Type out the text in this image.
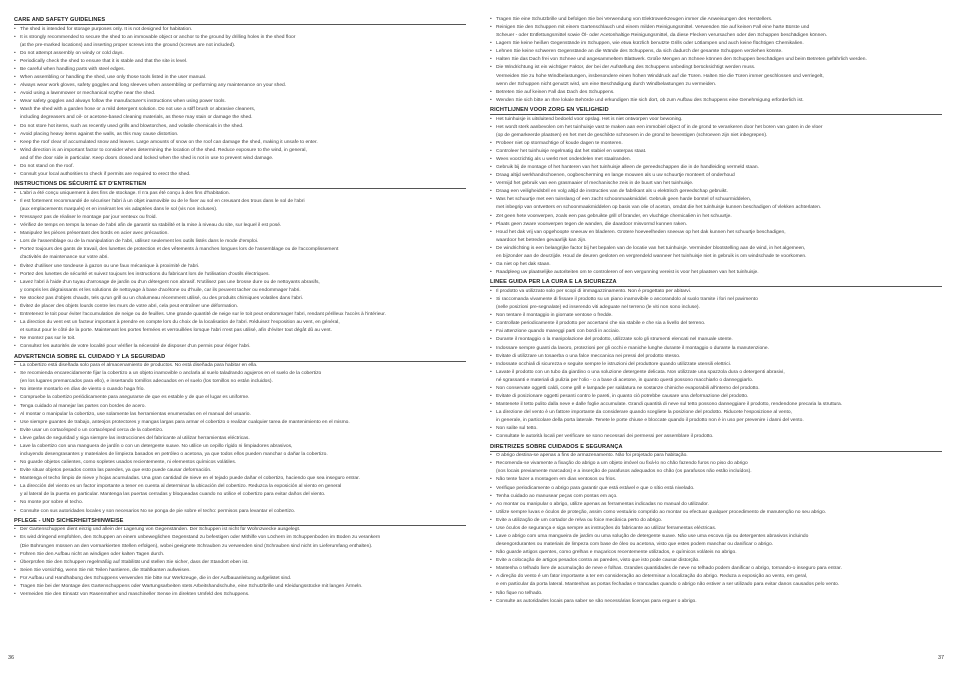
CARE AND SAFETY GUIDELINES
• The shed is intended for storage purposes only. It is not designed for habitation.
• It is strongly recommended to secure the shed to an immovable object or anchor to the ground by drilling holes in the shed floor
(at the pre-marked locations) and inserting proper screws into the ground (screws are not included).
• Do not attempt assembly on windy or cold days.
• Periodically check the shed to ensure that it is stable and that the site is level.
• Be careful when handling parts with steel edges.
• When assembling or handling the shed, use only those tools listed in the user manual.
• Always wear work gloves, safety goggles and long sleeves when assembling or performing any maintenance on your shed.
• Avoid using a lawnmower or mechanical scythe near the shed.
• Wear safety goggles and always follow the manufacturer's instructions when using power tools.
• Wash the shed with a garden hose or a mild detergent solution. Do not use a stiff brush or abrasive cleaners,
including degreasers and oil- or acetone-based cleaning materials, as these may stain or damage the shed.
• Do not store hot items, such as recently used grills and blowtorches, and volatile chemicals in the shed.
• Avoid placing heavy items against the walls, as this may cause distortion.
• Keep the roof clear of accumulated snow and leaves. Large amounts of snow on the roof can damage the shed, making it unsafe to enter.
• Wind direction is an important factor to consider when determining the location of the shed. Reduce exposure to the wind, in general,
and of the door side in particular. Keep doors closed and locked when the shed is not in use to prevent wind damage.
• Do not stand on the roof.
• Consult your local authorities to check if permits are required to erect the shed.
INSTRUCTIONS DE SÉCURITÉ ET D'ENTRETIEN
• L'abri a été conçu uniquement à des fins de stockage. Il n'a pas été conçu à des fins d'habitation.
• Il est fortement recommandé de sécuriser l'abri à un objet inamovible ou de le fixer au sol en creusant des trous dans le sol de l'abri
(aux emplacements marqués) et en insérant les vis adaptées dans le sol (vis non incluses).
• N'essayez pas de réaliser le montage par jour venteux ou froid.
• Vérifiez de temps en temps la tenue de l'abri afin de garantir sa stabilité et la mise à niveau du site, sur lequel il est posé.
• Manipulez les pièces présentant des bords en acier avec précaution.
• Lors de l'assemblage ou de la manipulation de l'abri, utilisez seulement les outils listés dans le mode d'emploi.
• Portez toujours des gants de travail, des lunettes de protection et des vêtements à manches longues lors de l'assemblage ou de l'accomplissement
d'activités de maintenance sur votre abri.
• Évitez d'utiliser une tondeuse à gazon ou une faux mécanique à proximité de l'abri.
• Portez des lunettes de sécurité et suivez toujours les instructions du fabricant lors de l'utilisation d'outils électriques.
• Lavez l'abri à l'aide d'un tuyau d'arrosage de jardin ou d'un détergent non abrasif. N'utilisez pas une brosse dure ou de nettoyants abrasifs,
y compris les dégraissants et les solutions de nettoyage à base d'acétone ou d'huile, car ils peuvent tacher ou endommager l'abri.
• Ne stockez pas d'objets chauds, tels qu'un grill ou un chalumeau récemment utilisé, ou des produits chimiques volatiles dans l'abri.
• Évitez de placer des objets lourds contre les murs de votre abri, cela peut entraîner une déformation.
• Entretenez le toit pour éviter l'accumulation de neige ou de feuilles. Une grande quantité de neige sur le toit peut endommager l'abri, rendant périlleux l'accès à l'intérieur.
• La direction du vent est un facteur important à prendre en compte lors du choix de la localisation de l'abri. Réduisez l'exposition au vent, en général,
et surtout pour le côté de la porte. Maintenant les portes fermées et verrouillées lorsque l'abri n'est pas utilisé, afin d'éviter tout dégât dû au vent.
• Ne montez pas sur le toit.
• Consultez les autorités de votre localité pour vérifier la nécessité de disposer d'un permis pour ériger l'abri.
ADVERTENCIA SOBRE EL CUIDADO Y LA SEGURIDAD
• La cobertizo está diseñada solo para el almacenamiento de productos. No está diseñada para habitar en ella.
• Se recomienda encarecidamente fijar la cobertizo a un objeto inamovible o anclarla al suelo taladrando agujeros en el suelo de la cobertizo
(en los lugares premarcados para ello), e insertando tornillos adecuados en el suelo (los tornillos no están incluidos).
• No intente montarlo en días de viento o cuando haga frío.
• Compruebe la cobertizo periódicamente para asegurarse de que es estable y de que el lugar es uniforme.
• Tenga cuidado al manejar las partes con bordes de acero.
• Al montar o manipular la cobertizo, use solamente las herramientas enumeradas en el manual del usuario.
• Use siempre guantes de trabajo, anteojos protectores y mangas largas para armar el cobertizo o realizar cualquier tarea de mantenimiento en el mismo.
• Evite usar un cortacésped o un cortacésped cerca de la cobertizo.
• Lleve gafas de seguridad y siga siempre las instrucciones del fabricante al utilizar herramientas eléctricas.
• Lave la cobertizo con una manguera de jardín o con un detergente suave. No utilice un cepillo rígido ni limpiadores abrasivos,
incluyendo desengrasantes y materiales de limpieza basados en petróleo o acetona, ya que todos ellos pueden manchar o dañar la cobertizo.
• No guarde objetos calientes, como sopletes usados recientemente, ni elementos químicos volátiles.
• Evite situar objetos pesados contra las paredes, ya que esto puede causar deformación.
• Mantenga el techo limpio de nieve y hojas acumuladas. Una gran cantidad de nieve en el tejado puede dañar el cobertizo, haciendo que sea inseguro entrar.
• La dirección del viento es un factor importante a tener en cuenta al determinar la ubicación del cobertizo. Reduzca la exposición al viento en general
y al lateral de la puerta en particular. Mantenga las puertas cerradas y bloqueadas cuando no utilice el cobertizo para evitar daños del viento.
• No monte por sobre el techo.
• Consulte con sus autoridades locales y son necesarios No se ponga de pie sobre el techo: permisos para levantar el cobertizo.
PFLEGE - UND SICHERHEITSHINWEISE
• Der Gartenschuppen dient einzig und allein der Lagerung von Gegenständen. Der Schuppen ist nicht für Wohnzwecke ausgelegt.
• Es wird dringend empfohlen, den Schuppen an einem unbeweglichen Gegenstand zu befestigen oder Mithilfe von Löchern im Schuppenboden im Boden zu verankern
(Die Bohrungen müssen an den vormarkierten Stellen erfolgen), wobei geeignete Schrauben zu verwenden sind (Schrauben sind nicht im Lieferumfang enthalten).
• Führen Sie den Aufbau nicht an windigen oder kalten Tagen durch.
• Überprüfen Sie den Schuppen regelmäßig auf Stabilität und stellen Sie sicher, dass der Standort eben ist.
• Seien Sie vorsichtig, wenn Sie mit Teilen hantieren, die Stahlkanten aufweisen.
• Für Aufbau und Handhabung des Schuppens verwenden Sie bitte nur Werkzeuge, die in der Aufbauanleitung aufgelistet sind.
• Tragen Sie bei der Montage des Gartenschuppens oder Wartungsarbeiten stets Arbeitshandschuhe, eine Schutzbrille und Kleidungsstücke mit langen Ärmeln.
• Vermeiden Sie den Einsatz von Rasenmäher und maschineller Sense im direkten Umfeld des Schuppens.
• Tragen Sie eine Schutzbrille und befolgen Sie bei Verwendung von Elektrowerkzeugen immer die Anweisungen des Herstellers.
• Reinigen Sie den Schuppen mit einem Gartenschlauch und einem milden Reinigungsmittel. Verwenden Sie auf keinen Fall eine harte Bürste und
Scheuer - oder Entfettungsmittel sowie Öl- oder Acetonhaltige Reinigungsmittel, da diese Flecken verursachen oder den Schuppen beschädigen können.
• Lagern Sie keine heißen Gegenstände im Schuppen, wie etwa kürzlich benutzte Grills oder Lötlampen und auch keine flüchtigen Chemikalien.
• Lehnen Sie keine schweren Gegenstände an die Wände des Schuppens, da sich dadurch der gesamte Schuppen verziehen könnte.
• Halten Sie das Dach frei von Schnee und angesammeltem Blattwerk. Große Mengen an Schnee können den Schuppen beschädigen und beim Betreten gefährlich werden.
• Die Windrichtung ist ein wichtiger Faktor, der bei der Aufstellung des Schuppens unbedingt berücksichtigt werden muss.
Vermeiden Sie zu hohe Windbelastungen, insbesondere einen hohen Winddruck auf die Türen. Halten Sie die Türen immer geschlossen und verriegelt,
wenn der Schuppen nicht genutzt wird, um eine Beschädigung durch Windbelastungen zu vermeiden.
• Betreten Sie auf keinen Fall das Dach des Schuppens.
• Wenden Sie sich bitte an Ihre lokale Behörde und erkundigen Sie sich dort, ob zum Aufbau des Schuppens eine Genehmigung erforderlich ist.
RICHTLIJNEN VOOR ZORG EN VEILIGHEID
• Het tuinhuisje is uitsluitend bedoeld voor opslag. Het is niet ontworpen voor bewoning.
• Het wordt sterk aanbevolen om het tuinhuisje vast te maken aan een immobiel object of in de grond te verankeren door het boren van gaten in de vloer
(op de gemarkeerde plaatsen) en het met de geschikte schroeven in de grond te bevestigen (schroeven zijn niet inbegrepen).
• Probeer niet op stormachtige of koude dagen te monteren.
• Controleer het tuinhuisje regelmatig dat het stabiel en waterpas staat.
• Wees voorzichtig als u werkt met onderdelen met staalranden.
• Gebruik bij de montage of het hanteren van het tuinhuisje alleen de gereedschappen die in de handleiding vermeld staan.
• Draag altijd werkhandschoenen, oogbescherming en lange mouwen als u uw schuurtje monteert of onderhoud
• Vermijd het gebruik van een grasmaaier of mechanische zeis in de buurt van het tuinhuisje.
• Draag een veiligheidsbril en volg altijd de instructies van de fabrikant als u elektrisch gereedschap gebruikt.
• Was het schuurtje met een tuinslang of een zacht schoonmaakmiddel. Gebruik geen harde borstel of schuurmiddelen,
met inbegrip van ontvetters en schoonmaakmiddelen op basis van olie of aceton, omdat die het tuinhuisje kunnen beschadigen of vlekken achterlaten.
• Zet geen hete voorwerpen, zoals een pas gebruikte grill of brander, en vluchtige chemicaliën in het schuurtje.
• Plaats geen zware voorwerpen tegen de wanden, die daardoor misvormd kunnen raken.
• Houd het dak vrij van opgehoopte sneeuw en bladeren. Grotere hoeveelheden sneeuw op het dak kunnen het schuurtje beschadigen,
waardoor het betreden gevaarlijk kan zijn.
• De windrichting is een belangrijke factor bij het bepalen van de locatie van het tuinhuisje. Verminder blootstelling aan de wind, in het algemeen,
en bijzonder aan de deurzijde. Houd de deuren gesloten en vergrendeld wanneer het tuinhuisje niet in gebruik is om windschade te voorkomen.
• Ga niet op het dak staan.
• Raadpleeg uw plaatselijke autoriteiten om te controleren of een vergunning vereist is voor het plaatsen van het tuinhuisje.
LINEE GUIDA PER LA CURA E LA SICUREZZA
• Il prodotto va utilizzato solo per scopi di immagazzinamento. Non è progettato per abitarvi.
• Si raccomanda vivamente di fissare il prodotto su un piano inamovibile o ancorandolo al suolo tramite i fori nel pavimento
(nelle posizioni pre-segnalate) ed inserendo viti adeguate nel terreno (le viti non sono incluse).
• Non tentare il montaggio in giornate ventose o fredde.
• Controllate periodicamente il prodotto per accertarvi che sia stabile e che sia a livello del terreno.
• Fai attenzione quando maneggi parti con bordi in acciaio.
• Durante il montaggio o la manipolazione del prodotto, utilizzate solo gli strumenti elencati nel manuale utente.
• Indossare sempre guanti da lavoro, protezioni per gli occhi e maniche lunghe durante il montaggio o durante la manutenzione.
• Evitate di utilizzare un tosaerba o una falce meccanica nei pressi del prodotto stesso.
• Indossate occhiali di sicurezza e seguite sempre le istruzioni del produttore quando utilizzate utensili elettrici.
• Lavate il prodotto con un tubo da giardino o una soluzione detergente delicata. Non utilizzate una spazzola dura o detergenti abrasivi,
né sgrassanti e materiali di pulizia per l'olio - o a base di acetone, in quanto questi possono macchiarlo o danneggiarlo.
• Non conservate oggetti caldi, come grill e lampade per saldatura ne sostanze chimiche evaporabili all'interno del prodotto.
• Evitate di posizionare oggetti pesanti contro le pareti, in quanto ciò potrebbe causare una deformazione del prodotto.
• Mantenete il tetto pulito dalla neve e dalle foglie accumulate. Grandi quantità di neve sul tetto possono danneggiare il prodotto, rendendone precaria la struttura.
• La direzione del vento è un fattore importante da considerare quando scegliete la posizione del prodotto. Riducete l'esposizione al vento,
in generale, in particolare della porta laterale. Tenete le porte chiuse e bloccate quando il prodotto non è in uso per prevenire i danni del vento.
• Non salite sul tetto.
• Consultate le autorità locali per verificare se sono necessari dei permessi per assemblare il prodotto.
DIRETRIZES SOBRE CUIDADOS E SEGURANÇA
• O abrigo destina-se apenas a fins de armazenamento. Não foi projetado para habitação.
• Recomenda-se vivamente a fixação do abrigo a um objeto imóvel ou fixá-lo no chão fazendo furos no piso do abrigo
(nos locais previamente marcados) e a inserção de parafusos adequados no chão (os parafusos não estão incluídos).
• Não tente fazer a montagem em dias ventosos ou frios.
• Verifique periodicamente o abrigo para garantir que está estável e que o sítio está nivelado.
• Tenha cuidado ao manusear peças com pontas em aço.
• Ao montar ou manipular o abrigo, utilize apenas as ferramentas indicadas no manual do utilizador.
• Utilize sempre luvas e óculos de proteção, assim como vestuário comprido ao montar ou efectuar qualquer procedimento de manutenção no seu abrigo.
• Evite a utilização de um cortador de relva ou foice mecânica perto do abrigo.
• Use óculos de segurança e siga sempre as instruções do fabricante ao utilizar ferramentas eléctricas.
• Lave o abrigo com uma mangueira de jardim ou uma solução de detergente suave. Não use uma escova rija ou detergentes abrasivos incluindo
desengordurantes ou materiais de limpeza com base de óleo ou acetona, visto que estes podem manchar ou danificar o abrigo.
• Não guarde artigos quentes, como grelhas e maçaricos recentemente utilizados, e químicos voláteis no abrigo.
• Evite a colocação de artigos pesados contra as paredes, visto que isto pode causar distorção.
• Mantenha o telhado livre de acumulação de neve e folhas. Grandes quantidades de neve no telhado podem danificar o abrigo, tornando-o inseguro para entrar.
• A direção do vento é um fator importante a ter em consideração ao determinar a localização do abrigo. Reduza a exposição ao vento, em geral,
e em particular da porta lateral. Mantenhas as portas fechadas e trancadas quando o abrigo não estiver a ser utilizado para evitar danos causados pelo vento.
• Não fique no telhado.
• Consulte as autoridades locais para saber se são necessárias licenças para erguer o abrigo.
36	37
